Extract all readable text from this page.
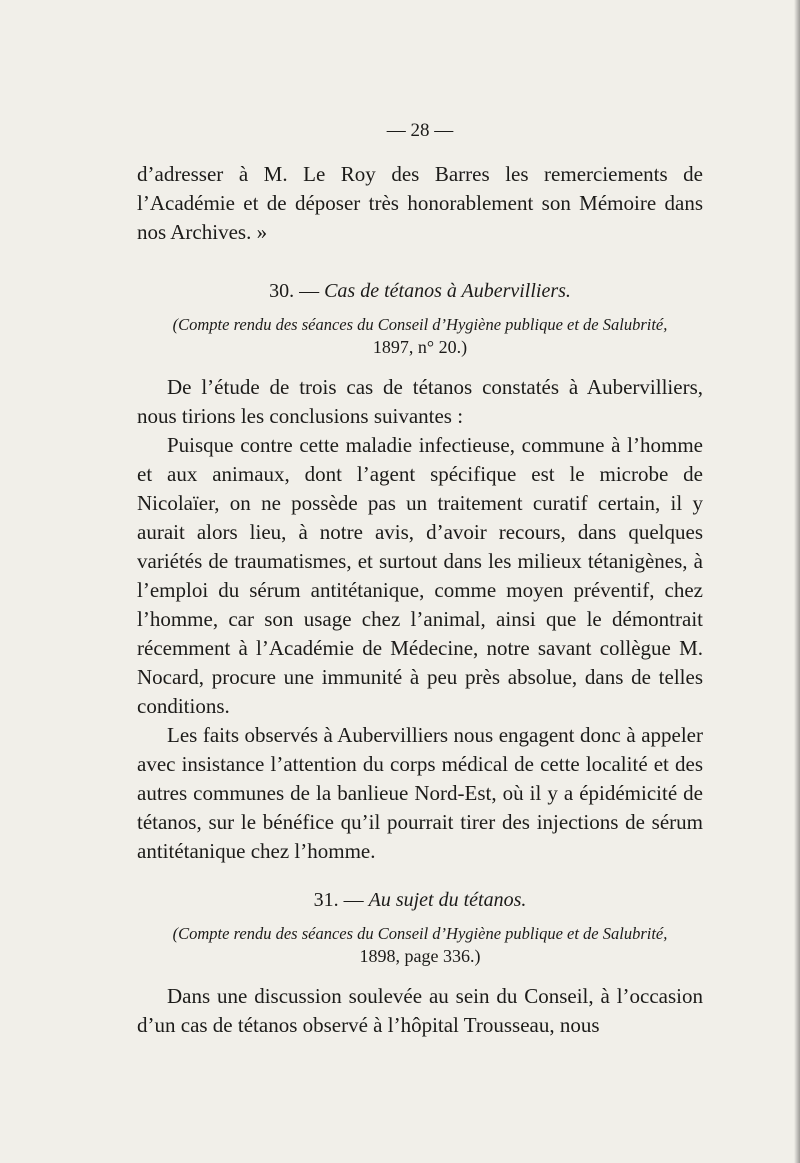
— 28 —

d’adresser à M. Le Roy des Barres les remerciements de l’Académie et de déposer très honorablement son Mémoire dans nos Archives. »

30. — Cas de tétanos à Aubervilliers.
(Compte rendu des séances du Conseil d’Hygiène publique et de Salubrité,
1897, n° 20.)

De l’étude de trois cas de tétanos constatés à Aubervilliers, nous tirions les conclusions suivantes :

Puisque contre cette maladie infectieuse, commune à l’homme et aux animaux, dont l’agent spécifique est le microbe de Nicolaïer, on ne possède pas un traitement curatif certain, il y aurait alors lieu, à notre avis, d’avoir recours, dans quelques variétés de traumatismes, et surtout dans les milieux tétanigènes, à l’emploi du sérum antitétanique, comme moyen préventif, chez l’homme, car son usage chez l’animal, ainsi que le démontrait récemment à l’Académie de Médecine, notre savant collègue M. Nocard, procure une immunité à peu près absolue, dans de telles conditions.

Les faits observés à Aubervilliers nous engagent donc à appeler avec insistance l’attention du corps médical de cette localité et des autres communes de la banlieue Nord-Est, où il y a épidémicité de tétanos, sur le bénéfice qu’il pourrait tirer des injections de sérum antitétanique chez l’homme.

31. — Au sujet du tétanos.
(Compte rendu des séances du Conseil d’Hygiène publique et de Salubrité,
1898, page 336.)

Dans une discussion soulevée au sein du Conseil, à l’occasion d’un cas de tétanos observé à l’hôpital Trousseau, nous
